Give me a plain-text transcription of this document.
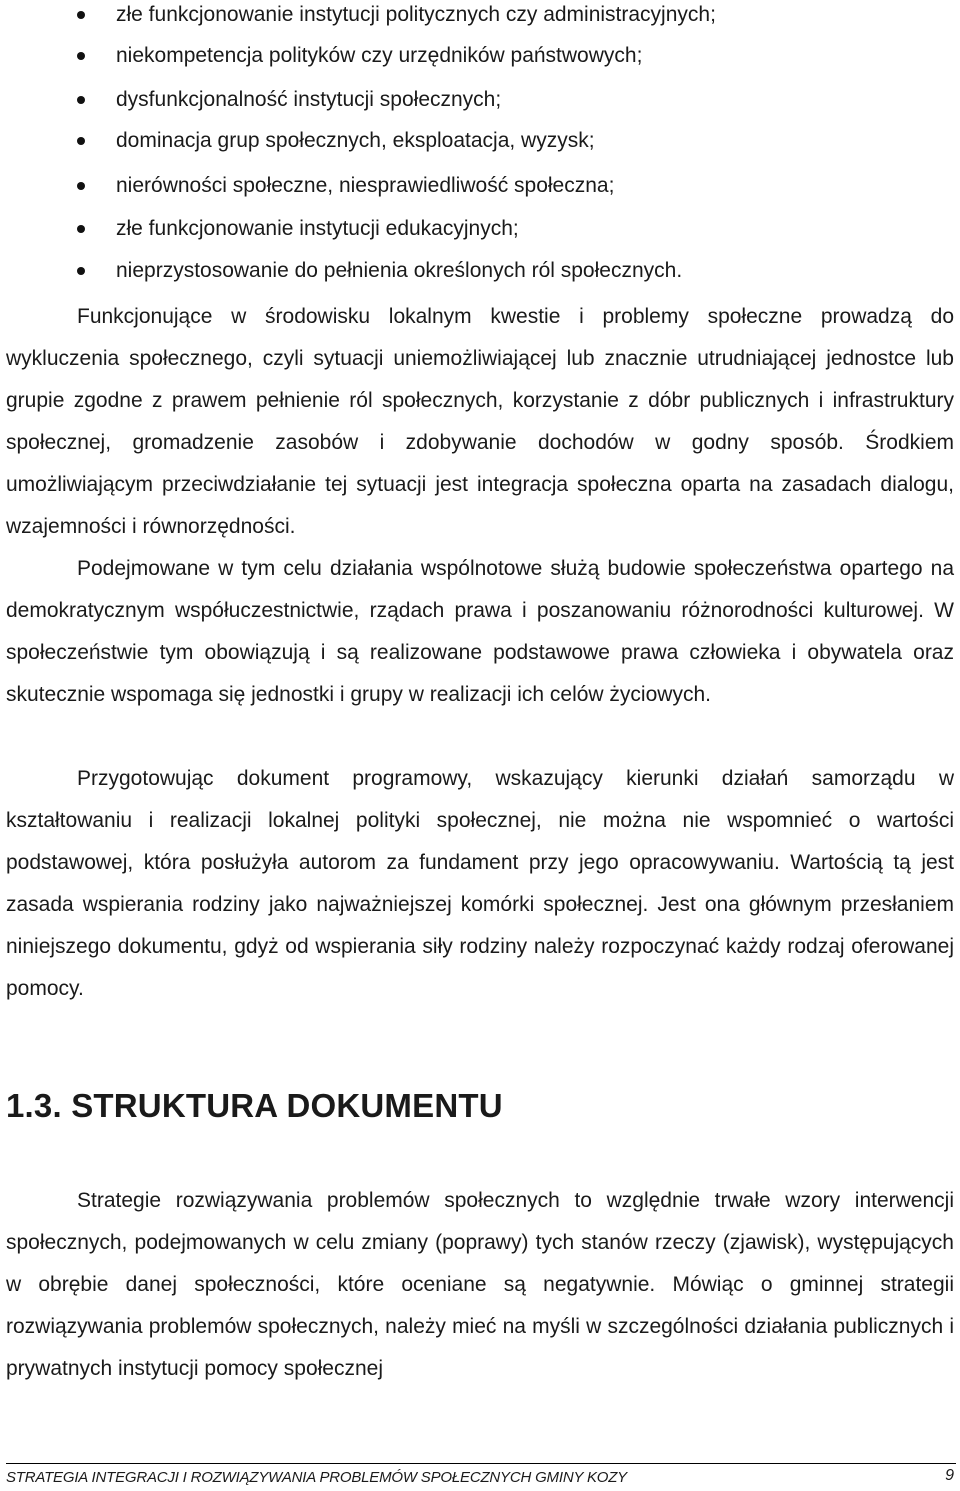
złe funkcjonowanie instytucji politycznych czy administracyjnych;
niekompetencja polityków czy urzędników państwowych;
dysfunkcjonalność instytucji społecznych;
dominacja grup społecznych, eksploatacja, wyzysk;
nierówności społeczne, niesprawiedliwość społeczna;
złe funkcjonowanie instytucji edukacyjnych;
nieprzystosowanie do pełnienia określonych ról społecznych.

Funkcjonujące w środowisku lokalnym kwestie i problemy społeczne prowadzą do wykluczenia społecznego, czyli sytuacji uniemożliwiającej lub znacznie utrudniającej jednostce lub grupie zgodne z prawem pełnienie ról społecznych, korzystanie z dóbr publicznych i infrastruktury społecznej, gromadzenie zasobów i zdobywanie dochodów w godny sposób. Środkiem umożliwiającym przeciwdziałanie tej sytuacji jest integracja społeczna oparta na zasadach dialogu, wzajemności i równorzędności.

Podejmowane w tym celu działania wspólnotowe służą budowie społeczeństwa opartego na demokratycznym współuczestnictwie, rządach prawa i poszanowaniu różnorodności kulturowej. W społeczeństwie tym obowiązują i są realizowane podstawowe prawa człowieka i obywatela oraz skutecznie wspomaga się jednostki i grupy w realizacji ich celów życiowych.

Przygotowując dokument programowy, wskazujący kierunki działań samorządu w kształtowaniu i realizacji lokalnej polityki społecznej, nie można nie wspomnieć o wartości podstawowej, która posłużyła autorom za fundament przy jego opracowywaniu. Wartością tą jest zasada wspierania rodziny jako najważniejszej komórki społecznej. Jest ona głównym przesłaniem niniejszego dokumentu, gdyż od wspierania siły rodziny należy rozpoczynać każdy rodzaj oferowanej pomocy.

1.3. STRUKTURA DOKUMENTU

Strategie rozwiązywania problemów społecznych to względnie trwałe wzory interwencji społecznych, podejmowanych w celu zmiany (poprawy) tych stanów rzeczy (zjawisk), występujących w obrębie danej społeczności, które oceniane są negatywnie. Mówiąc o gminnej strategii rozwiązywania problemów społecznych, należy mieć na myśli w szczególności działania publicznych i prywatnych instytucji pomocy społecznej

STRATEGIA INTEGRACJI I ROZWIĄZYWANIA PROBLEMÓW SPOŁECZNYCH GMINY KOZY	9
